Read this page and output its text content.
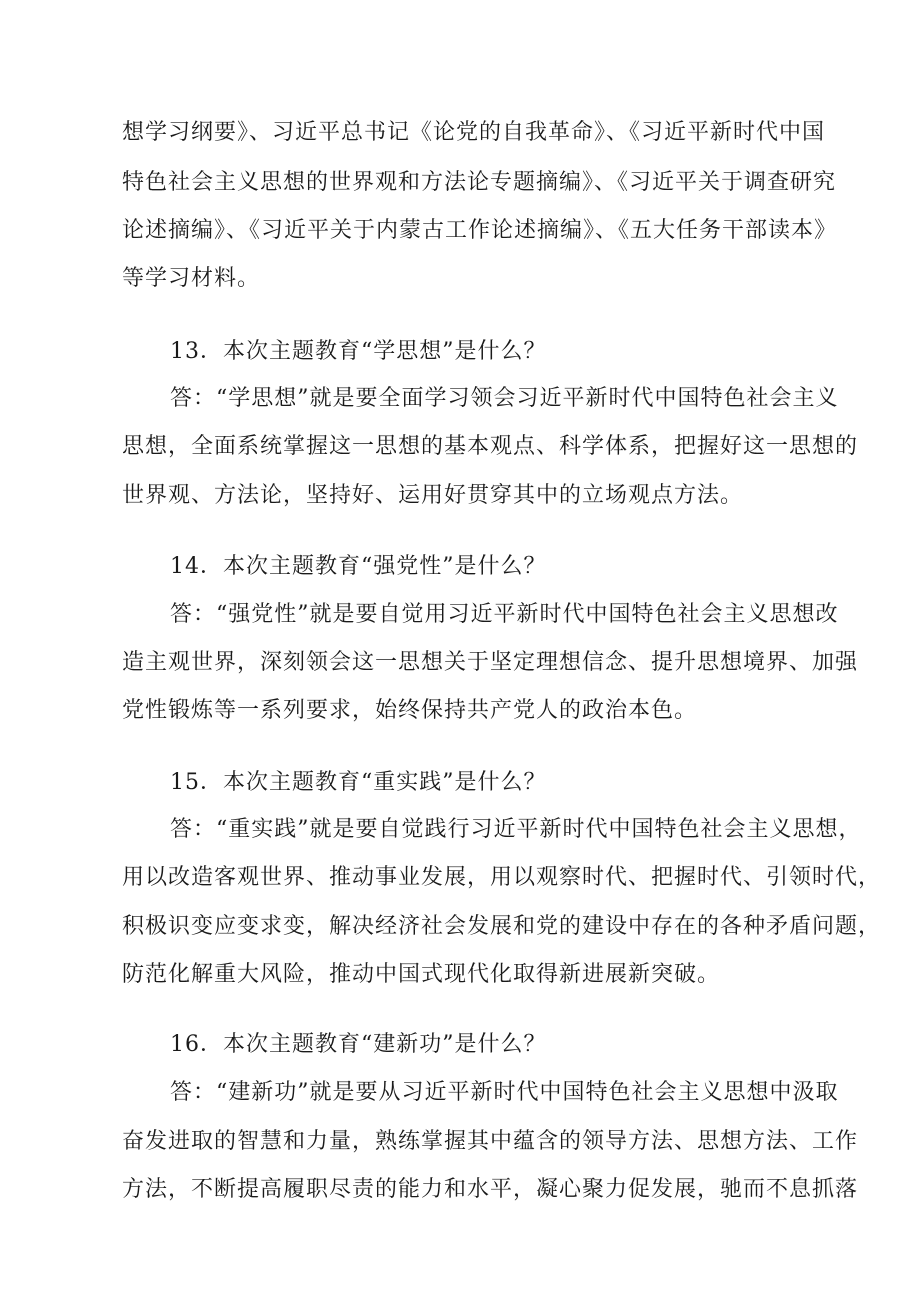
想学习纲要》、习近平总书记《论党的自我革命》、《习近平新时代中国
特色社会主义思想的世界观和方法论专题摘编》、《习近平关于调查研究
论述摘编》、《习近平关于内蒙古工作论述摘编》、《五大任务干部读本》
等学习材料。
13．本次主题教育“学思想”是什么？
答：“学思想”就是要全面学习领会习近平新时代中国特色社会主义
思想，全面系统掌握这一思想的基本观点、科学体系，把握好这一思想的
世界观、方法论，坚持好、运用好贯穿其中的立场观点方法。
14．本次主题教育“强党性”是什么？
答：“强党性”就是要自觉用习近平新时代中国特色社会主义思想改
造主观世界，深刻领会这一思想关于坚定理想信念、提升思想境界、加强
党性锻炼等一系列要求，始终保持共产党人的政治本色。
15．本次主题教育“重实践”是什么？
答：“重实践”就是要自觉践行习近平新时代中国特色社会主义思想，
用以改造客观世界、推动事业发展，用以观察时代、把握时代、引领时代，
积极识变应变求变，解决经济社会发展和党的建设中存在的各种矛盾问题，
防范化解重大风险，推动中国式现代化取得新进展新突破。
16．本次主题教育“建新功”是什么？
答：“建新功”就是要从习近平新时代中国特色社会主义思想中汲取
奋发进取的智慧和力量，熟练掌握其中蕴含的领导方法、思想方法、工作
方法，不断提高履职尽责的能力和水平，凝心聚力促发展，驰而不息抓落
